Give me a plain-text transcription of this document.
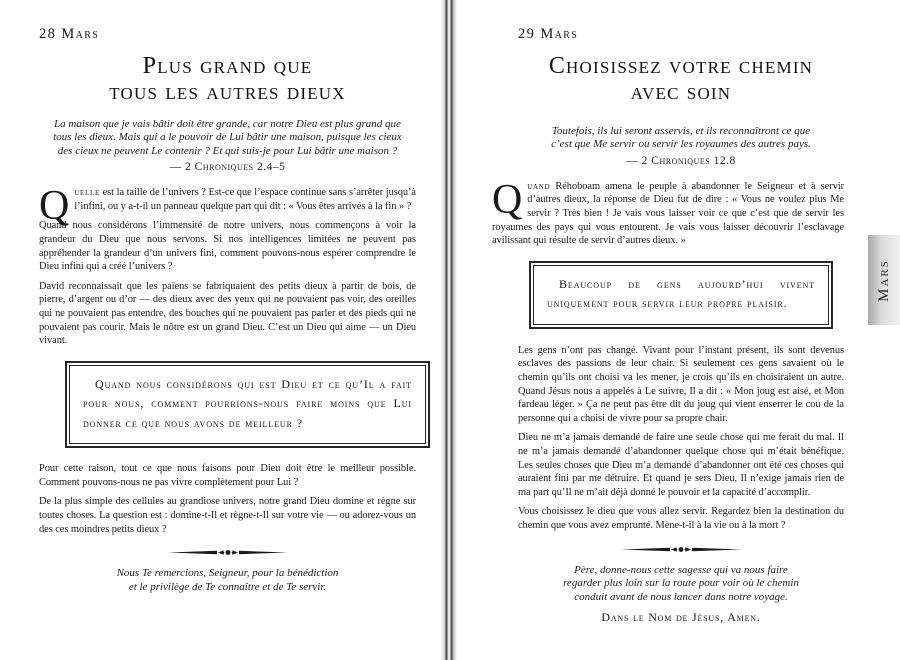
28 Mars
Plus grand que
tous les autres dieux
La maison que je vais bâtir doit être grande, car notre Dieu est plus grand que
tous les dieux. Mais qui a le pouvoir de Lui bâtir une maison, puisque les cieux
des cieux ne peuvent Le contenir ? Et qui suis-je pour Lui bâtir une maison ?
— 2 Chroniques 2.4–5
Quelle est la taille de l’univers ? Est-ce que l’espace continue sans s’arrêter jusqu’à l’infini, ou y a-t-il un panneau quelque part qui dit : « Vous êtes arrivés à la fin » ?
Quand nous considérons l’immensité de notre univers, nous commençons à voir la grandeur du Dieu que nous servons. Si nos intelligences limitées ne peuvent pas appréhender la grandeur d’un univers fini, comment pouvons-nous espérer comprendre le Dieu infini qui a créé l’univers ?
David reconnaissait que les païens se fabriquaient des petits dieux à partir de bois, de pierre, d’argent ou d’or — des dieux avec des yeux qui ne pouvaient pas voir, des oreilles qui ne pouvaient pas entendre, des bouches qui ne pouvaient pas parler et des pieds qui ne pouvaient pas courir. Mais le nôtre est un grand Dieu. C’est un Dieu qui aime — un Dieu vivant.
Quand nous considérons qui est Dieu et ce qu’Il a fait pour nous, comment pourrions-nous faire moins que Lui donner ce que nous avons de meilleur ?
Pour cette raison, tout ce que nous faisons pour Dieu doit être le meilleur possible. Comment pouvons-nous ne pas vivre complètement pour Lui ?
De la plus simple des cellules au grandiose univers, notre grand Dieu domine et règne sur toutes choses. La question est : domine-t-Il et règne-t-Il sur votre vie — ou adorez-vous un des ces moindres petits dieux ?
Nous Te remercions, Seigneur, pour la bénédiction
et le privilège de Te connaître et de Te servir.
29 Mars
Choisissez votre chemin
avec soin
Toutefois, ils lui seront asservis, et ils reconnaîtront ce que
c’est que Me servir ou servir les royaumes des autres pays.
— 2 Chroniques 12.8
Quand Réhoboam amena le peuple à abandonner le Seigneur et à servir d’autres dieux, la réponse de Dieu fut de dire : « Vous ne voulez plus Me servir ? Très bien ! Je vais vous laisser voir ce que c’est que de servir les royaumes des pays qui vous entourent. Je vais vous laisser découvrir l’esclavage avilissant qui résulte de servir d’autres dieux. »
Beaucoup de gens aujourd’hui vivent uniquement pour servir leur propre plaisir.
Les gens n’ont pas changé. Vivant pour l’instant présent, ils sont devenus esclaves des passions de leur chair. Si seulement ces gens savaient où le chemin qu’ils ont choisi va les mener, je crois qu’ils en choisiraient un autre. Quand Jésus nous a appelés à Le suivre, Il a dit : « Mon joug est aisé, et Mon fardeau léger. » Ça ne peut pas être dit du joug qui vient enserrer le cou de la personne qui a choisi de vivre pour sa propre chair.
Dieu ne m’a jamais demandé de faire une seule chose qui me ferait du mal. Il ne m’a jamais demandé d’abandonner quelque chose qui m’était bénéfique. Les seules choses que Dieu m’a demandé d’abandonner ont été ces choses qui auraient fini par me détruire. Et quand je sers Dieu, Il n’exige jamais rien de ma part qu’Il ne m’ait déjà donné le pouvoir et la capacité d’accomplir.
Vous choisissez le dieu que vous allez servir. Regardez bien la destination du chemin que vous avez emprunté. Mène-t-il à la vie ou à la mort ?
Père, donne-nous cette sagesse qui va nous faire
regarder plus loin sur la route pour voir où le chemin
conduit avant de nous lancer dans notre voyage.
Dans le Nom de Jésus, Amen.
Mars
